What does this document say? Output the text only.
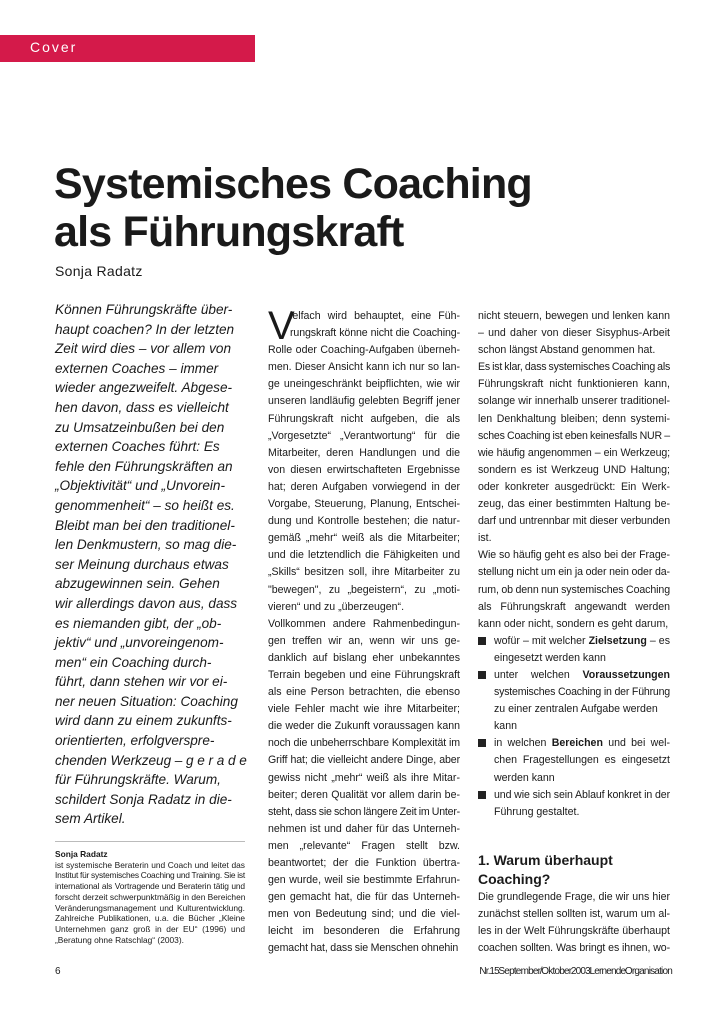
Cover
Systemisches Coaching
als Führungskraft
Sonja Radatz
Können Führungskräfte über-
haupt coachen? In der letzten
Zeit wird dies – vor allem von
externen Coaches – immer
wieder angezweifelt. Abgese-
hen davon, dass es vielleicht
zu Umsatzeinbußen bei den
externen Coaches führt: Es
fehle den Führungskräften an
„Objektivität“ und „Unvorein-
genommenheit“ – so heißt es.
Bleibt man bei den traditionel-
len Denkmustern, so mag die-
ser Meinung durchaus etwas
abzugewinnen sein. Gehen
wir allerdings davon aus, dass
es niemanden gibt, der „ob-
jektiv“ und „unvoreingenom-
men“ ein Coaching durch-
führt, dann stehen wir vor ei-
ner neuen Situation: Coaching
wird dann zu einem zukunfts-
orientierten, erfolgverspre-
chenden Werkzeug – g e r a d e
für Führungskräfte. Warum,
schildert Sonja Radatz in die-
sem Artikel.
Sonja Radatz
ist systemische Beraterin und Coach und leitet das
Institut für systemisches Coaching und Training. Sie ist
international als Vortragende und Beraterin tätig und
forscht derzeit schwerpunktmäßig in den Bereichen
Veränderungsmanagement und Kulturentwicklung.
Zahlreiche Publikationen, u.a. die Bücher „Kleine
Unternehmen ganz groß in der EU“ (1996) und
„Beratung ohne Ratschlag“ (2003).
V
ielfach wird behauptet, eine Füh-
rungskraft könne nicht die Coaching-
Rolle oder Coaching-Aufgaben überneh-
men. Dieser Ansicht kann ich nur so lan-
ge uneingeschränkt beipflichten, wie wir
unseren landläufig gelebten Begriff jener
Führungskraft nicht aufgeben, die als
„Vorgesetzte“ „Verantwortung“ für die
Mitarbeiter, deren Handlungen und die
von diesen erwirtschafteten Ergebnisse
hat; deren Aufgaben vorwiegend in der
Vorgabe, Steuerung, Planung, Entschei-
dung und Kontrolle bestehen; die natur-
gemäß „mehr“ weiß als die Mitarbeiter;
und die letztendlich die Fähigkeiten und
„Skills“ besitzen soll, ihre Mitarbeiter zu
"bewegen", zu „begeistern“, zu „moti-
vieren“ und zu „überzeugen“.
Vollkommen andere Rahmenbedingun-
gen treffen wir an, wenn wir uns ge-
danklich auf bislang eher unbekanntes
Terrain begeben und eine Führungskraft
als eine Person betrachten, die ebenso
viele Fehler macht wie ihre Mitarbeiter;
die weder die Zukunft voraussagen kann
noch die unbeherrschbare Komplexität im
Griff hat; die vielleicht andere Dinge, aber
gewiss nicht „mehr“ weiß als ihre Mitar-
beiter; deren Qualität vor allem darin be-
steht, dass sie schon längere Zeit im Unter-
nehmen ist und daher für das Unterneh-
men „relevante“ Fragen stellt bzw.
beantwortet; der die Funktion übertra-
gen wurde, weil sie bestimmte Erfahrun-
gen gemacht hat, die für das Unterneh-
men von Bedeutung sind; und die viel-
leicht im besonderen die Erfahrung
gemacht hat, dass sie Menschen ohnehin
nicht steuern, bewegen und lenken kann
– und daher von dieser Sisyphus-Arbeit
schon längst Abstand genommen hat.
Es ist klar, dass systemisches Coaching als
Führungskraft nicht funktionieren kann,
solange wir innerhalb unserer traditionel-
len Denkhaltung bleiben; denn systemi-
sches Coaching ist eben keinesfalls NUR –
wie häufig angenommen – ein Werkzeug;
sondern es ist Werkzeug UND Haltung;
oder konkreter ausgedrückt: Ein Werk-
zeug, das einer bestimmten Haltung be-
darf und untrennbar mit dieser verbunden
ist.
Wie so häufig geht es also bei der Frage-
stellung nicht um ein ja oder nein oder da-
rum, ob denn nun systemisches Coaching
als Führungskraft angewandt werden
kann oder nicht, sondern es geht darum,
wofür – mit welcher Zielsetzung – es
eingesetzt werden kann
unter welchen Voraussetzungen
systemisches Coaching in der Führung
zu einer zentralen Aufgabe werden
kann
in welchen Bereichen und bei wel-
chen Fragestellungen es eingesetzt
werden kann
und wie sich sein Ablauf konkret in der
Führung gestaltet.
1. Warum überhaupt
Coaching?
Die grundlegende Frage, die wir uns hier
zunächst stellen sollten ist, warum um al-
les in der Welt Führungskräfte überhaupt
coachen sollten. Was bringt es ihnen, wo-
6	Nr. 15 September / Oktober 2003 Lernende Organisation
